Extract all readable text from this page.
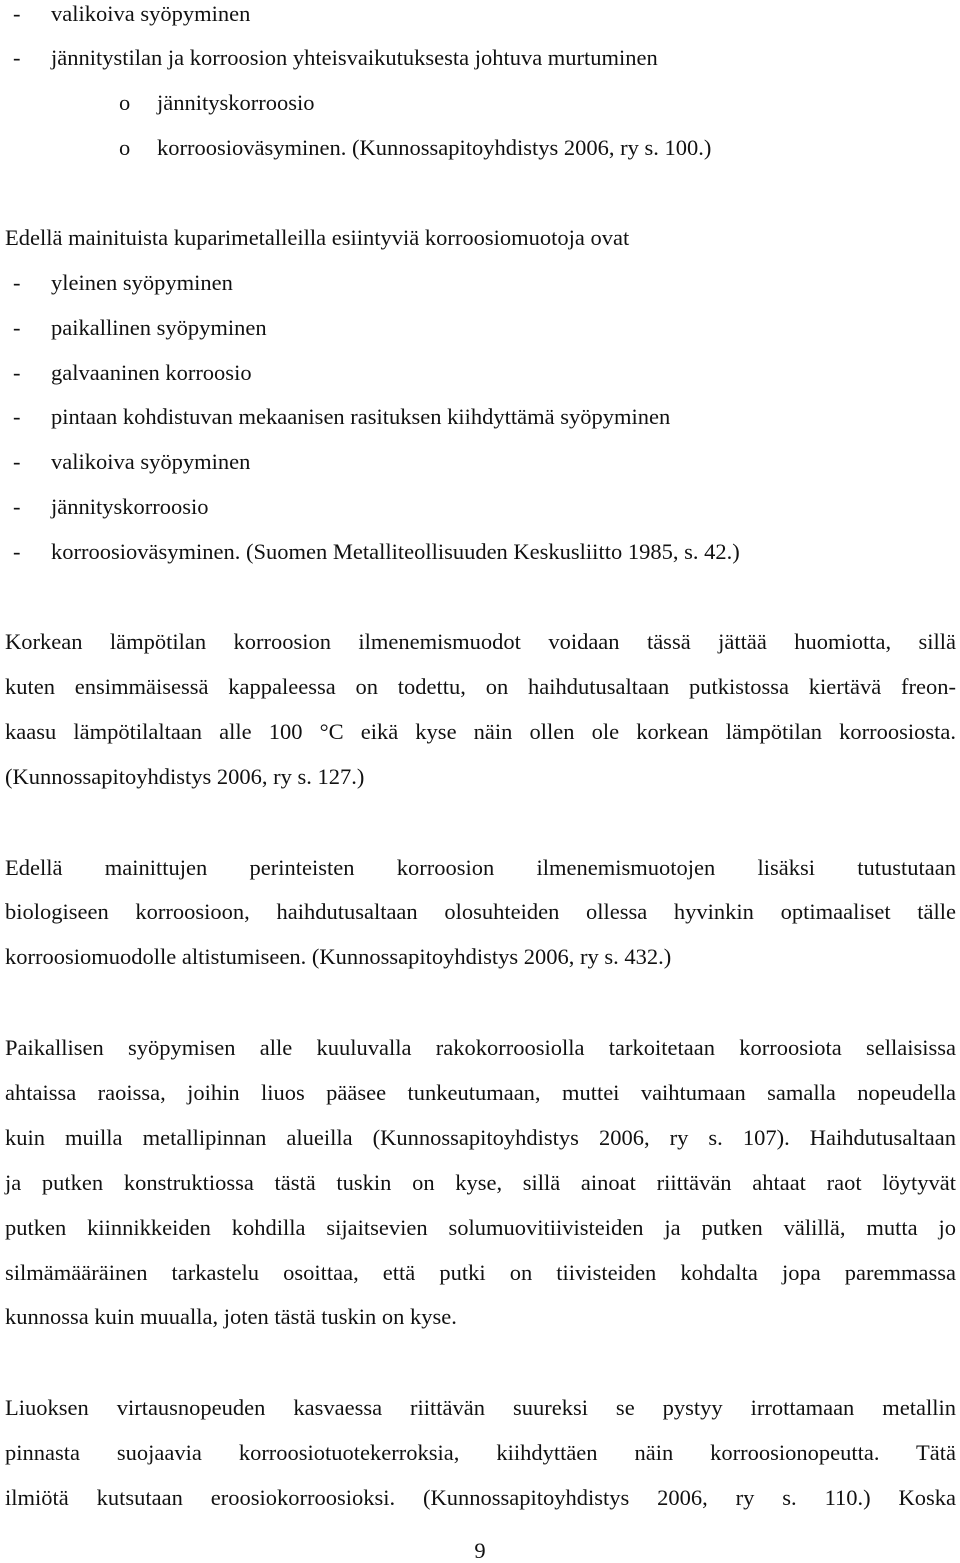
- valikoiva syöpyminen
- jännitystilan ja korroosion yhteisvaikutuksesta johtuva murtuminen
o jännityskorroosio
o korroosioväsyminen. (Kunnossapitoyhdistys 2006, ry s. 100.)
Edellä mainituista kuparimetalleilla esiintyviä korroosiomuotoja ovat
- yleinen syöpyminen
- paikallinen syöpyminen
- galvaaninen korroosio
- pintaan kohdistuvan mekaanisen rasituksen kiihdyttämä syöpyminen
- valikoiva syöpyminen
- jännityskorroosio
- korroosioväsyminen. (Suomen Metalliteollisuuden Keskusliitto 1985, s. 42.)
Korkean lämpötilan korroosion ilmenemismuodot voidaan tässä jättää huomiotta, sillä
kuten ensimmäisessä kappaleessa on todettu, on haihdutusaltaan putkistossa kiertävä freon-
kaasu lämpötilaltaan alle 100 °C eikä kyse näin ollen ole korkean lämpötilan korroosiosta.
(Kunnossapitoyhdistys 2006, ry s. 127.)
Edellä mainittujen perinteisten korroosion ilmenemismuotojen lisäksi tutustutaan
biologiseen korroosioon, haihdutusaltaan olosuhteiden ollessa hyvinkin optimaaliset tälle
korroosiomuodolle altistumiseen. (Kunnossapitoyhdistys 2006, ry s. 432.)
Paikallisen syöpymisen alle kuuluvalla rakokorroosiolla tarkoitetaan korroosiota sellaisissa
ahtaissa raoissa, joihin liuos pääsee tunkeutumaan, muttei vaihtumaan samalla nopeudella
kuin muilla metallipinnan alueilla (Kunnossapitoyhdistys 2006, ry s. 107). Haihdutusaltaan
ja putken konstruktiossa tästä tuskin on kyse, sillä ainoat riittävän ahtaat raot löytyvät
putken kiinnikkeiden kohdilla sijaitsevien solumuovitiivisteiden ja putken välillä, mutta jo
silmämääräinen tarkastelu osoittaa, että putki on tiivisteiden kohdalta jopa paremmassa
kunnossa kuin muualla, joten tästä tuskin on kyse.
Liuoksen virtausnopeuden kasvaessa riittävän suureksi se pystyy irrottamaan metallin
pinnasta suojaavia korroosiotuotekerroksia, kiihdyttäen näin korroosionopeutta. Tätä
ilmiötä kutsutaan eroosiokorroosioksi. (Kunnossapitoyhdistys 2006, ry s. 110.) Koska
9
